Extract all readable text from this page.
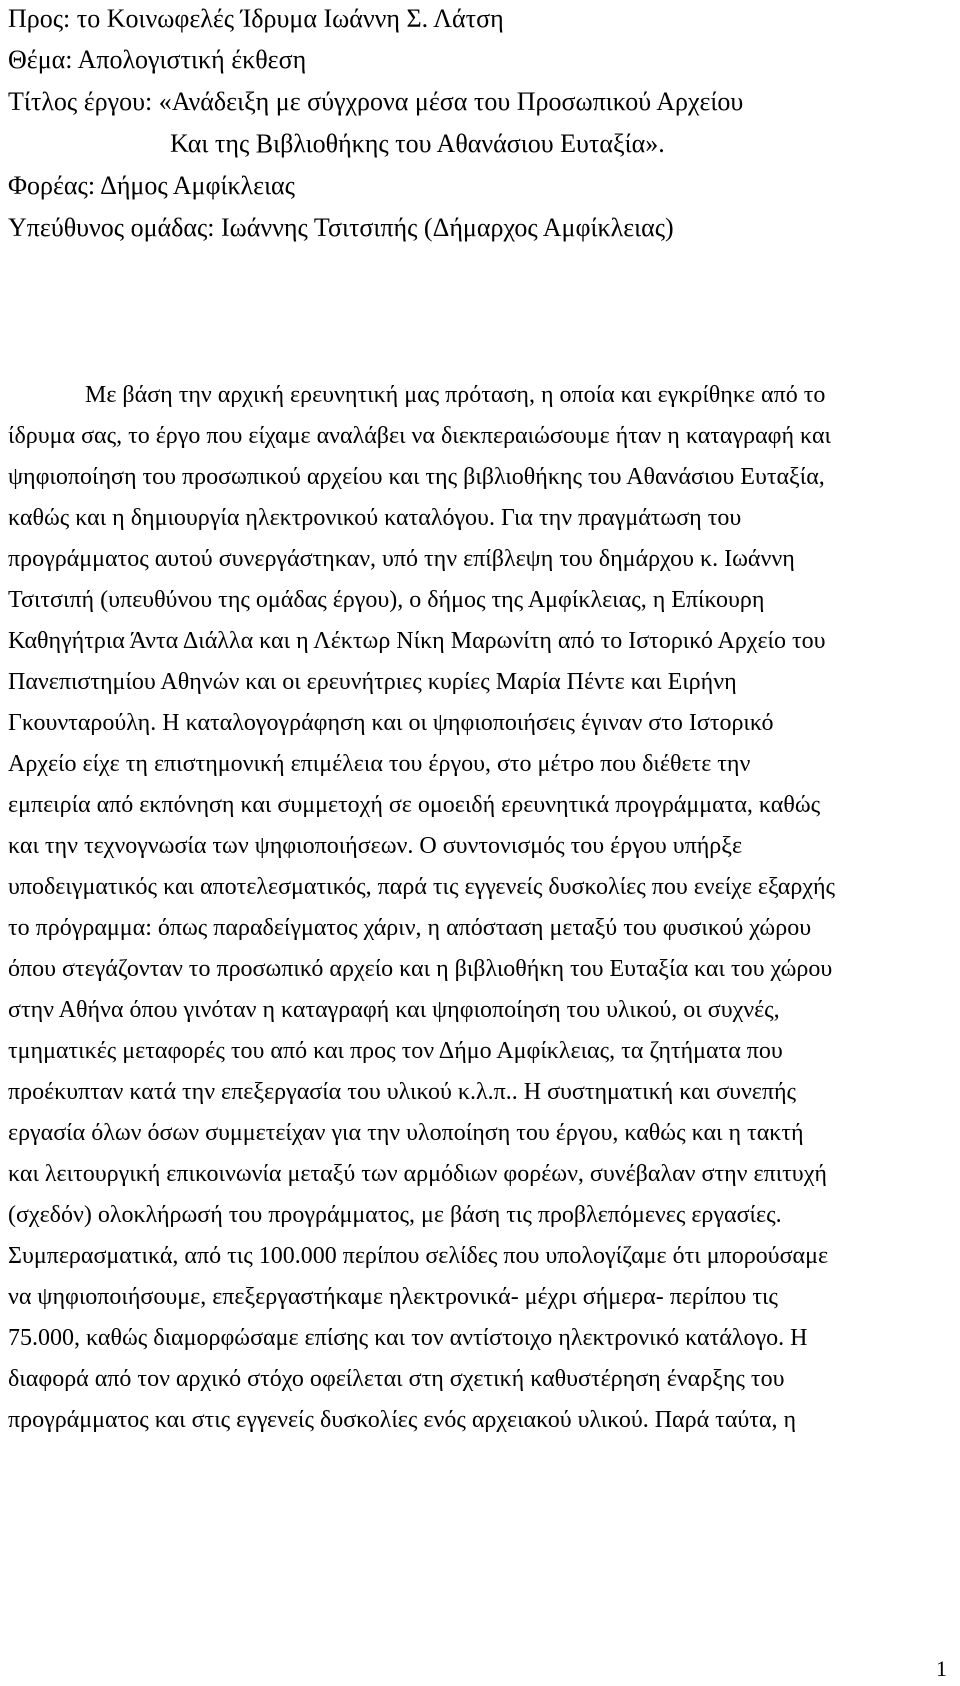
Προς: το Κοινωφελές Ίδρυμα Ιωάννη Σ. Λάτση
Θέμα: Απολογιστική έκθεση
Τίτλος έργου: «Ανάδειξη με σύγχρονα μέσα του Προσωπικού Αρχείου
Και της Βιβλιοθήκης του Αθανάσιου Ευταξία».
Φορέας: Δήμος Αμφίκλειας
Υπεύθυνος ομάδας: Ιωάννης Τσιτσιπής (Δήμαρχος Αμφίκλειας)
Με βάση την αρχική ερευνητική μας πρόταση, η οποία και εγκρίθηκε από το
ίδρυμα σας, το έργο που είχαμε αναλάβει να διεκπεραιώσουμε ήταν η καταγραφή και
ψηφιοποίηση του προσωπικού αρχείου και της βιβλιοθήκης του Αθανάσιου Ευταξία,
καθώς και η δημιουργία ηλεκτρονικού καταλόγου. Για την πραγμάτωση του
προγράμματος αυτού συνεργάστηκαν, υπό την επίβλεψη του δημάρχου κ. Ιωάννη
Τσιτσιπή (υπευθύνου της ομάδας έργου), ο δήμος της Αμφίκλειας, η Επίκουρη
Καθηγήτρια Άντα Διάλλα και η Λέκτωρ Νίκη Μαρωνίτη από το Ιστορικό Αρχείο του
Πανεπιστημίου Αθηνών και οι ερευνήτριες κυρίες Μαρία Πέντε και Ειρήνη
Γκουνταρούλη. Η καταλογογράφηση και οι ψηφιοποιήσεις έγιναν στο Ιστορικό
Αρχείο είχε τη επιστημονική επιμέλεια του έργου, στο μέτρο που διέθετε την
εμπειρία από εκπόνηση και συμμετοχή σε ομοειδή ερευνητικά προγράμματα, καθώς
και την τεχνογνωσία των ψηφιοποιήσεων. Ο συντονισμός του έργου υπήρξε
υποδειγματικός και αποτελεσματικός, παρά τις εγγενείς δυσκολίες που ενείχε εξαρχής
το πρόγραμμα: όπως παραδείγματος χάριν, η απόσταση μεταξύ του φυσικού χώρου
όπου στεγάζονταν το προσωπικό αρχείο και η βιβλιοθήκη του Ευταξία και του χώρου
στην Αθήνα όπου γινόταν η καταγραφή και ψηφιοποίηση του υλικού, οι συχνές,
τμηματικές μεταφορές του από και προς τον Δήμο Αμφίκλειας, τα ζητήματα που
προέκυπταν κατά την επεξεργασία του υλικού κ.λ.π.. Η συστηματική και συνεπής
εργασία όλων όσων συμμετείχαν για την υλοποίηση του έργου, καθώς και η τακτή
και λειτουργική επικοινωνία μεταξύ των αρμόδιων φορέων, συνέβαλαν στην επιτυχή
(σχεδόν) ολοκλήρωσή του προγράμματος, με βάση τις προβλεπόμενες εργασίες.
Συμπερασματικά, από τις 100.000 περίπου σελίδες που υπολογίζαμε ότι μπορούσαμε
να ψηφιοποιήσουμε, επεξεργαστήκαμε ηλεκτρονικά- μέχρι σήμερα- περίπου τις
75.000, καθώς διαμορφώσαμε επίσης και τον αντίστοιχο ηλεκτρονικό κατάλογο. Η
διαφορά από τον αρχικό στόχο οφείλεται στη σχετική καθυστέρηση έναρξης του
προγράμματος και στις εγγενείς δυσκολίες ενός αρχειακού υλικού. Παρά ταύτα, η
1
